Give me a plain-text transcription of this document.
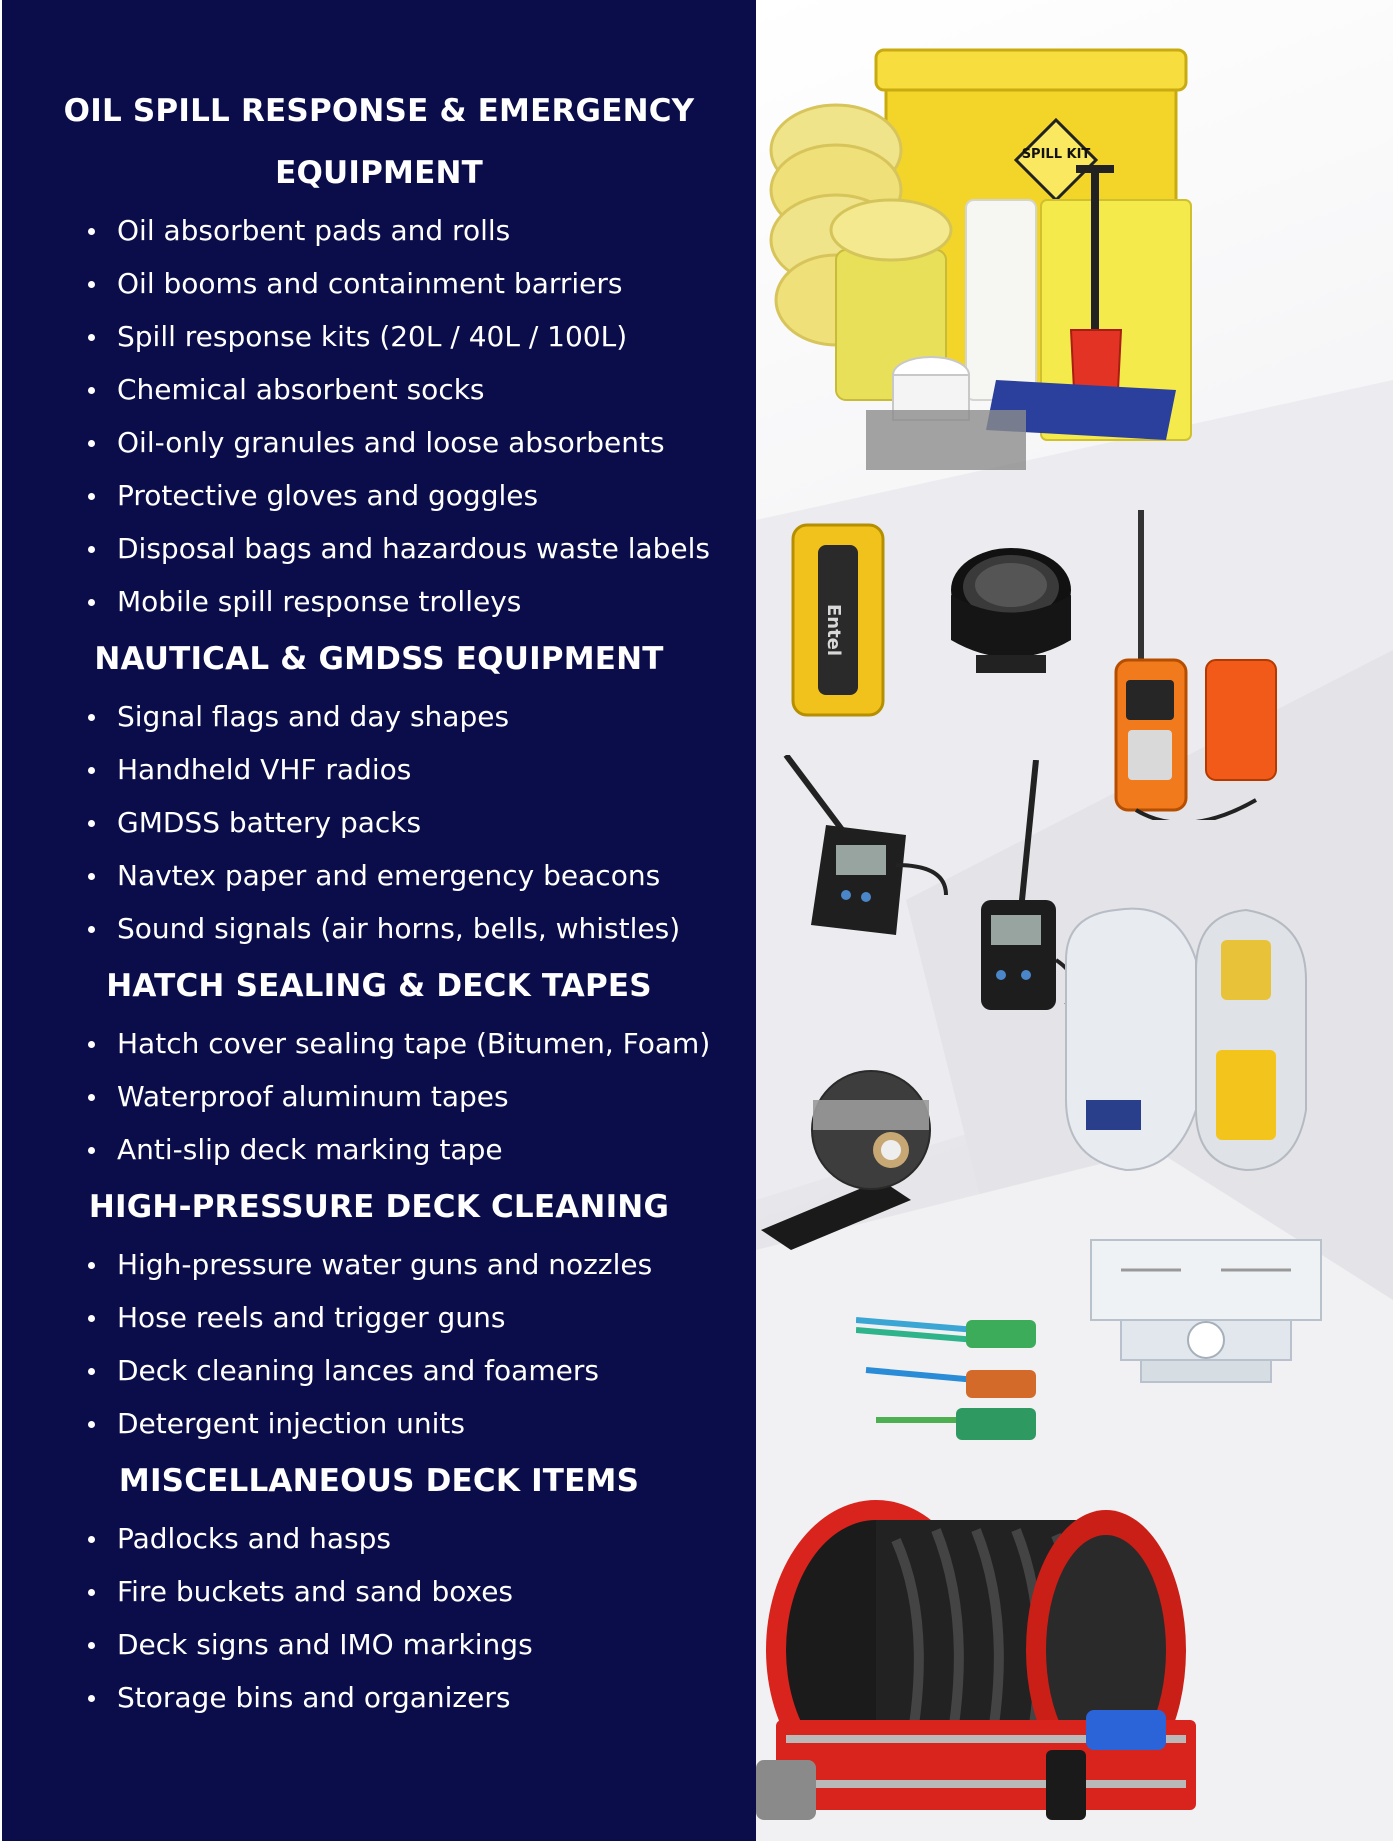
OIL SPILL RESPONSE & EMERGENCY EQUIPMENT
Oil absorbent pads and rolls
Oil booms and containment barriers
Spill response kits (20L / 40L / 100L)
Chemical absorbent socks
Oil-only granules and loose absorbents
Protective gloves and goggles
Disposal bags and hazardous waste labels
Mobile spill response trolleys
NAUTICAL & GMDSS EQUIPMENT
Signal flags and day shapes
Handheld VHF radios
GMDSS battery packs
Navtex paper and emergency beacons
Sound signals (air horns, bells, whistles)
HATCH SEALING & DECK TAPES
Hatch cover sealing tape (Bitumen, Foam)
Waterproof aluminum tapes
Anti-slip deck marking tape
HIGH-PRESSURE DECK CLEANING
High-pressure water guns and nozzles
Hose reels and trigger guns
Deck cleaning lances and foamers
Detergent injection units
MISCELLANEOUS DECK ITEMS
Padlocks and hasps
Fire buckets and sand boxes
Deck signs and IMO markings
Storage bins and organizers
SPILL KIT
Entel
